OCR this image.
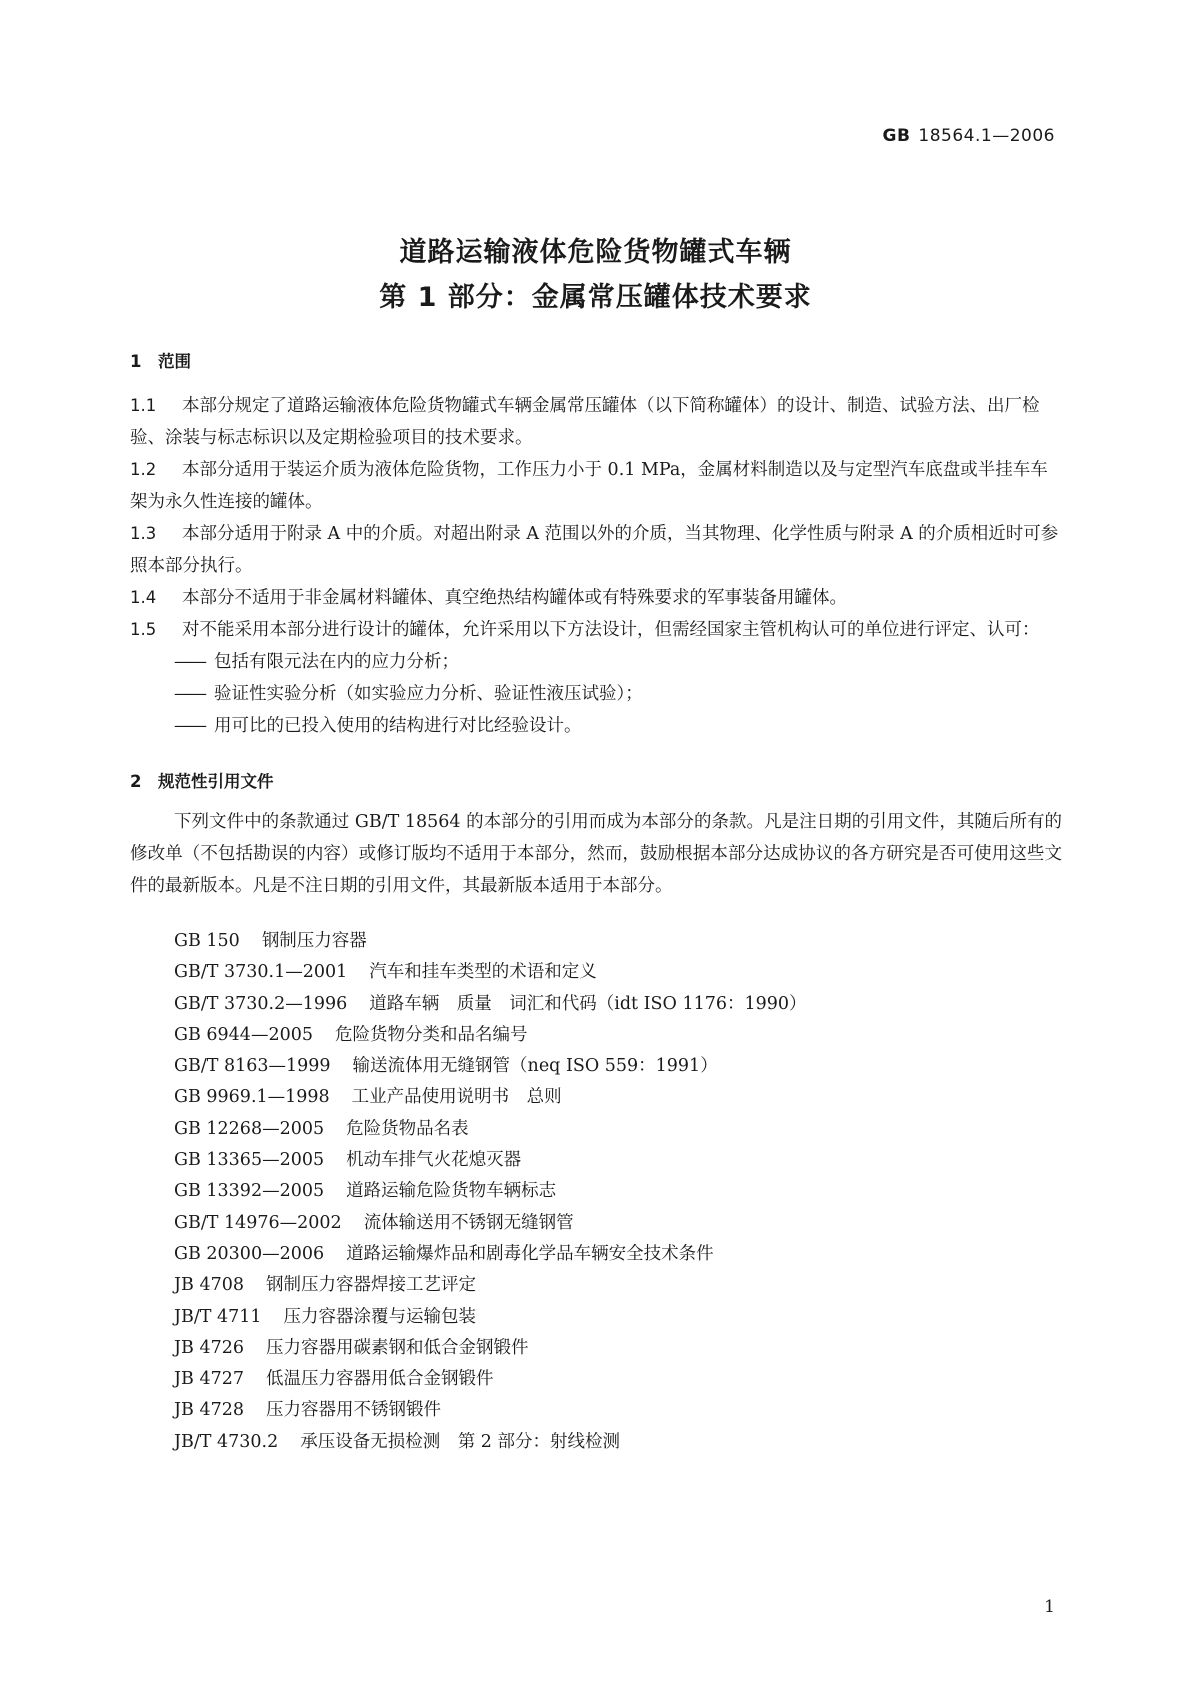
GB 18564.1—2006
道路运输液体危险货物罐式车辆
第 1 部分：金属常压罐体技术要求
1 范围

1.1 本部分规定了道路运输液体危险货物罐式车辆金属常压罐体（以下简称罐体）的设计、制造、试验方法、出厂检验、涂装与标志标识以及定期检验项目的技术要求。

1.2 本部分适用于装运介质为液体危险货物，工作压力小于 0.1 MPa，金属材料制造以及与定型汽车底盘或半挂车车架为永久性连接的罐体。

1.3 本部分适用于附录 A 中的介质。对超出附录 A 范围以外的介质，当其物理、化学性质与附录 A 的介质相近时可参照本部分执行。

1.4 本部分不适用于非金属材料罐体、真空绝热结构罐体或有特殊要求的军事装备用罐体。

1.5 对不能采用本部分进行设计的罐体，允许采用以下方法设计，但需经国家主管机构认可的单位进行评定、认可：

—— 包括有限元法在内的应力分析；

—— 验证性实验分析（如实验应力分析、验证性液压试验）；

—— 用可比的已投入使用的结构进行对比经验设计。

2 规范性引用文件

下列文件中的条款通过 GB/T 18564 的本部分的引用而成为本部分的条款。凡是注日期的引用文件，其随后所有的修改单（不包括勘误的内容）或修订版均不适用于本部分，然而，鼓励根据本部分达成协议的各方研究是否可使用这些文件的最新版本。凡是不注日期的引用文件，其最新版本适用于本部分。

GB 150 钢制压力容器
GB/T 3730.1—2001 汽车和挂车类型的术语和定义
GB/T 3730.2—1996 道路车辆　质量　词汇和代码（idt ISO 1176：1990）
GB 6944—2005 危险货物分类和品名编号
GB/T 8163—1999 输送流体用无缝钢管（neq ISO 559：1991）
GB 9969.1—1998 工业产品使用说明书　总则
GB 12268—2005 危险货物品名表
GB 13365—2005 机动车排气火花熄灭器
GB 13392—2005 道路运输危险货物车辆标志
GB/T 14976—2002 流体输送用不锈钢无缝钢管
GB 20300—2006 道路运输爆炸品和剧毒化学品车辆安全技术条件
JB 4708 钢制压力容器焊接工艺评定
JB/T 4711 压力容器涂覆与运输包装
JB 4726 压力容器用碳素钢和低合金钢锻件
JB 4727 低温压力容器用低合金钢锻件
JB 4728 压力容器用不锈钢锻件
JB/T 4730.2 承压设备无损检测　第 2 部分：射线检测
1
